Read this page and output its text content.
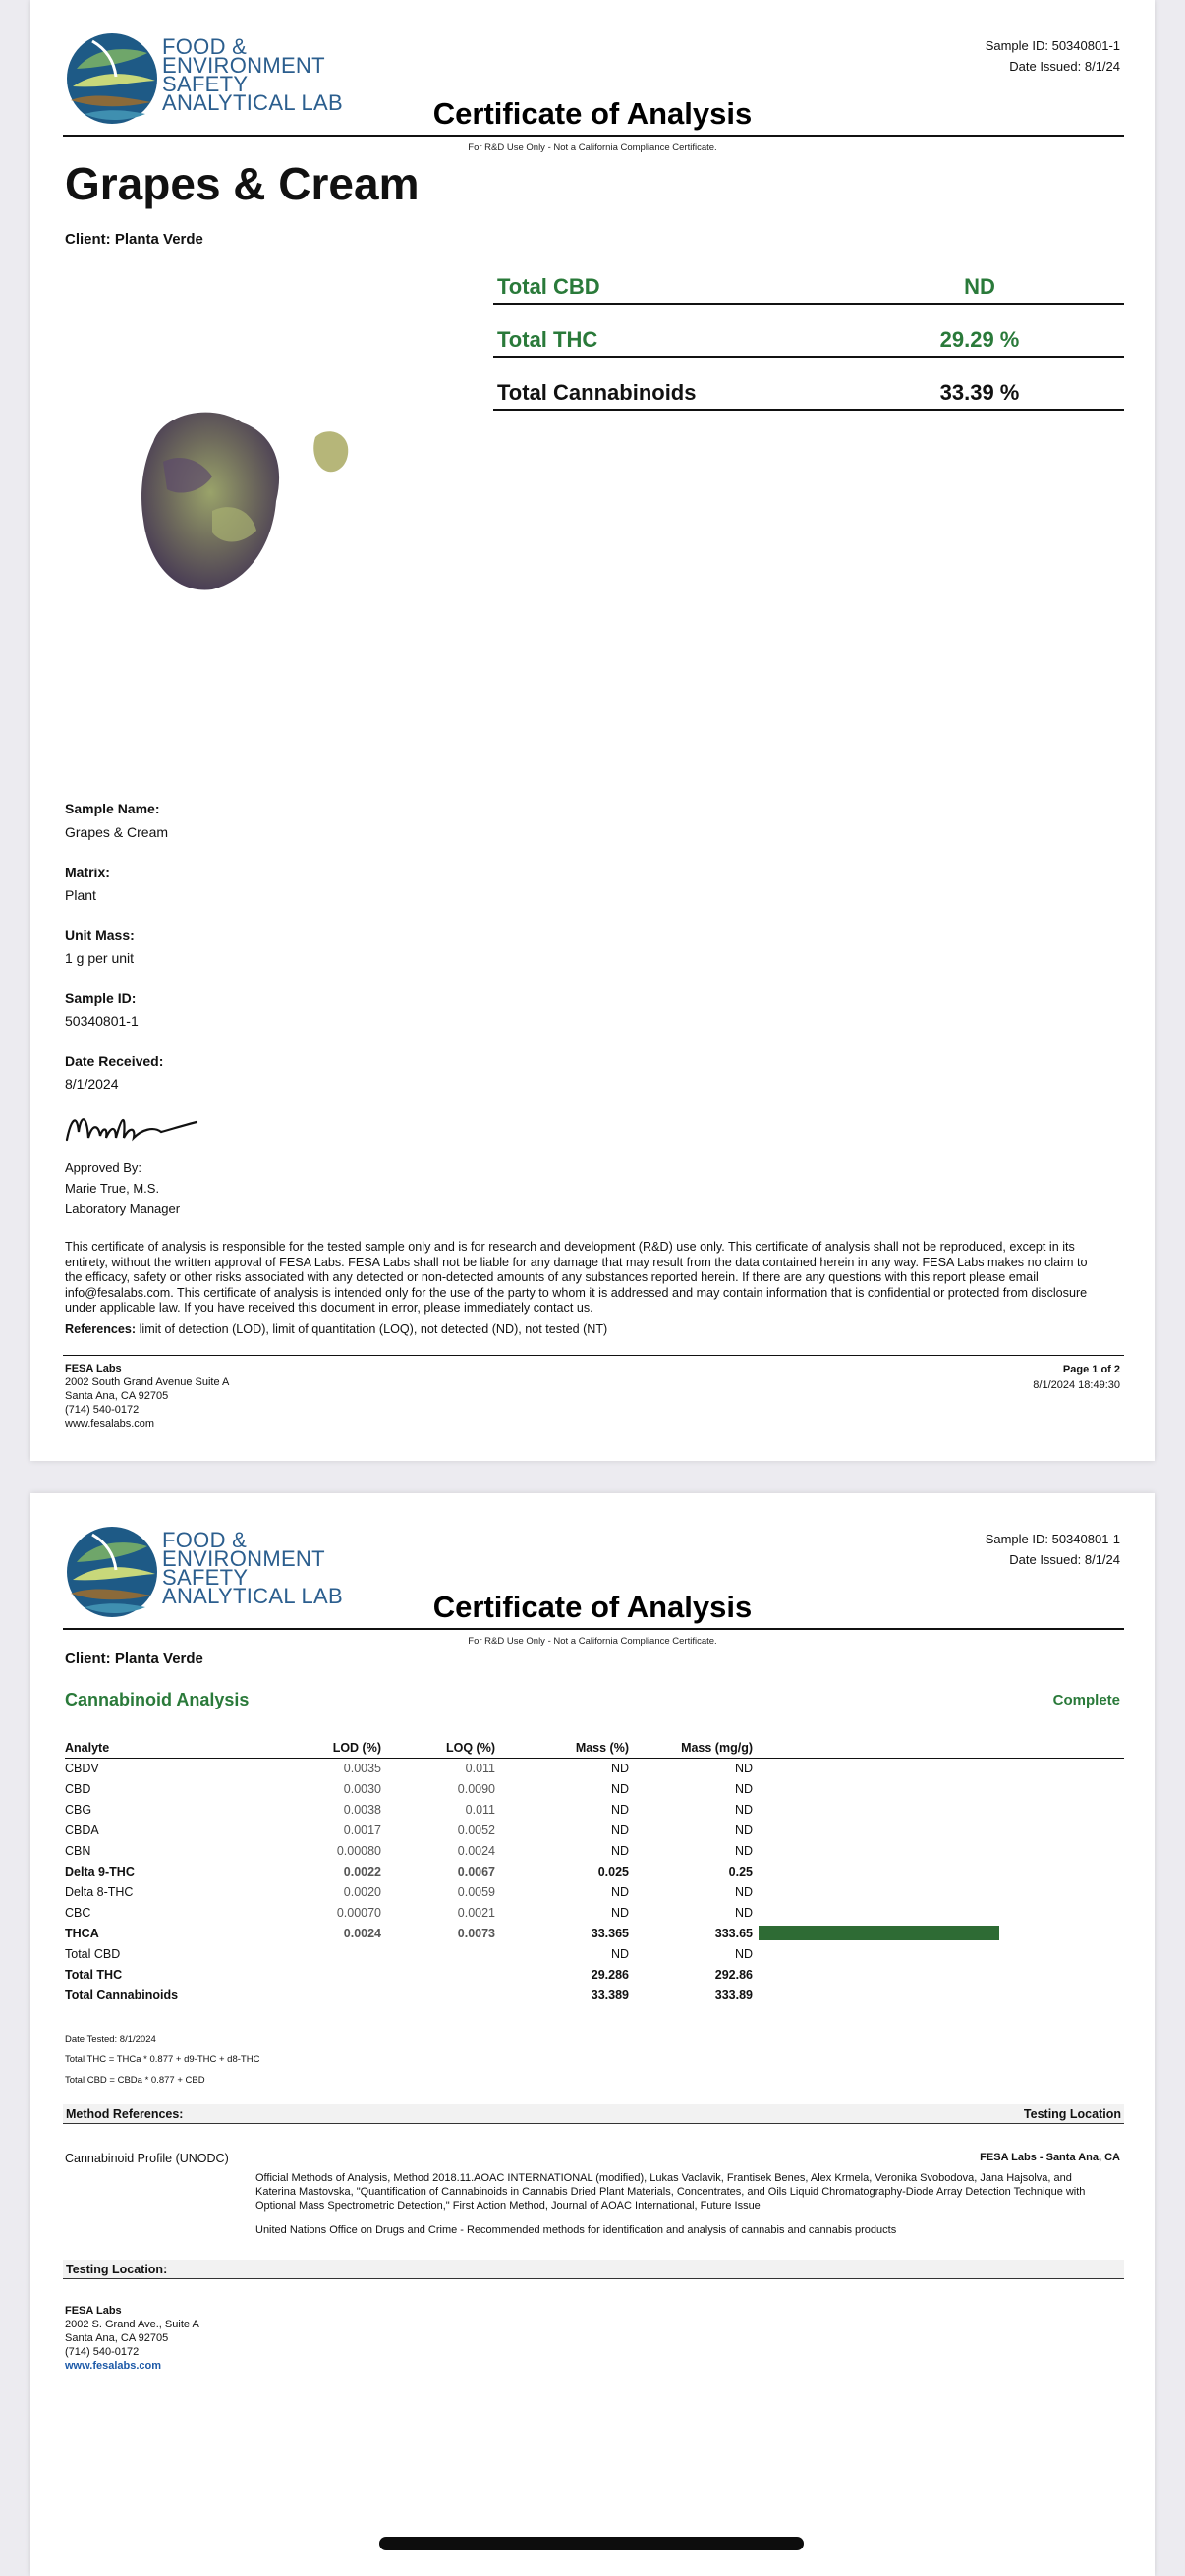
FOOD &
ENVIRONMENT
SAFETY
ANALYTICAL LAB	Certificate of Analysis
Sample ID: 50340801-1
Date Issued: 8/1/24
For R&D Use Only - Not a California Compliance Certificate.
Grapes & Cream
Client: Planta Verde
Total CBD	ND
Total THC	29.29 %
Total Cannabinoids	33.39 %
Sample Name:
Grapes & Cream
Matrix:
Plant
Unit Mass:
1 g per unit
Sample ID:
50340801-1
Date Received:
8/1/2024
Approved By:
Marie True, M.S.
Laboratory Manager
This certificate of analysis is responsible for the tested sample only and is for research and development (R&D) use only. This certificate of analysis shall not be reproduced, except in its entirety, without the written approval of FESA Labs. FESA Labs shall not be liable for any damage that may result from the data contained herein in any way. FESA Labs makes no claim to the efficacy, safety or other risks associated with any detected or non-detected amounts of any substances reported herein. If there are any questions with this report please email info@fesalabs.com. This certificate of analysis is intended only for the use of the party to whom it is addressed and may contain information that is confidential or protected from disclosure under applicable law. If you have received this document in error, please immediately contact us.
References: limit of detection (LOD), limit of quantitation (LOQ), not detected (ND), not tested (NT)
FESA Labs
2002 South Grand Avenue Suite A
Santa Ana, CA 92705
(714) 540-0172
www.fesalabs.com
Page 1 of 2
8/1/2024 18:49:30
FOOD &
ENVIRONMENT
SAFETY
ANALYTICAL LAB	Certificate of Analysis
Sample ID: 50340801-1
Date Issued: 8/1/24
For R&D Use Only - Not a California Compliance Certificate.
Client: Planta Verde
Cannabinoid Analysis	Complete
Analyte	LOD (%)	LOQ (%)	Mass (%)	Mass (mg/g)	
CBDV	0.0035	0.011	ND	ND	
CBD	0.0030	0.0090	ND	ND	
CBG	0.0038	0.011	ND	ND	
CBDA	0.0017	0.0052	ND	ND	
CBN	0.00080	0.0024	ND	ND	
Delta 9-THC	0.0022	0.0067	0.025	0.25	
Delta 8-THC	0.0020	0.0059	ND	ND	
CBC	0.00070	0.0021	ND	ND	
THCA	0.0024	0.0073	33.365	333.65	
Total CBD			ND	ND	
Total THC			29.286	292.86	
Total Cannabinoids			33.389	333.89	
Date Tested: 8/1/2024
Total THC = THCa * 0.877 + d9-THC + d8-THC
Total CBD = CBDa * 0.877 + CBD
Method References:	Testing Location
Cannabinoid Profile (UNODC)	FESA Labs - Santa Ana, CA
Official Methods of Analysis, Method 2018.11.AOAC INTERNATIONAL (modified), Lukas Vaclavik, Frantisek Benes, Alex Krmela, Veronika Svobodova, Jana Hajsolva, and Katerina Mastovska, "Quantification of Cannabinoids in Cannabis Dried Plant Materials, Concentrates, and Oils Liquid Chromatography-Diode Array Detection Technique with Optional Mass Spectrometric Detection," First Action Method, Journal of AOAC International, Future Issue
United Nations Office on Drugs and Crime - Recommended methods for identification and analysis of cannabis and cannabis products
Testing Location:
FESA Labs
2002 S. Grand Ave., Suite A
Santa Ana, CA 92705
(714) 540-0172
www.fesalabs.com
